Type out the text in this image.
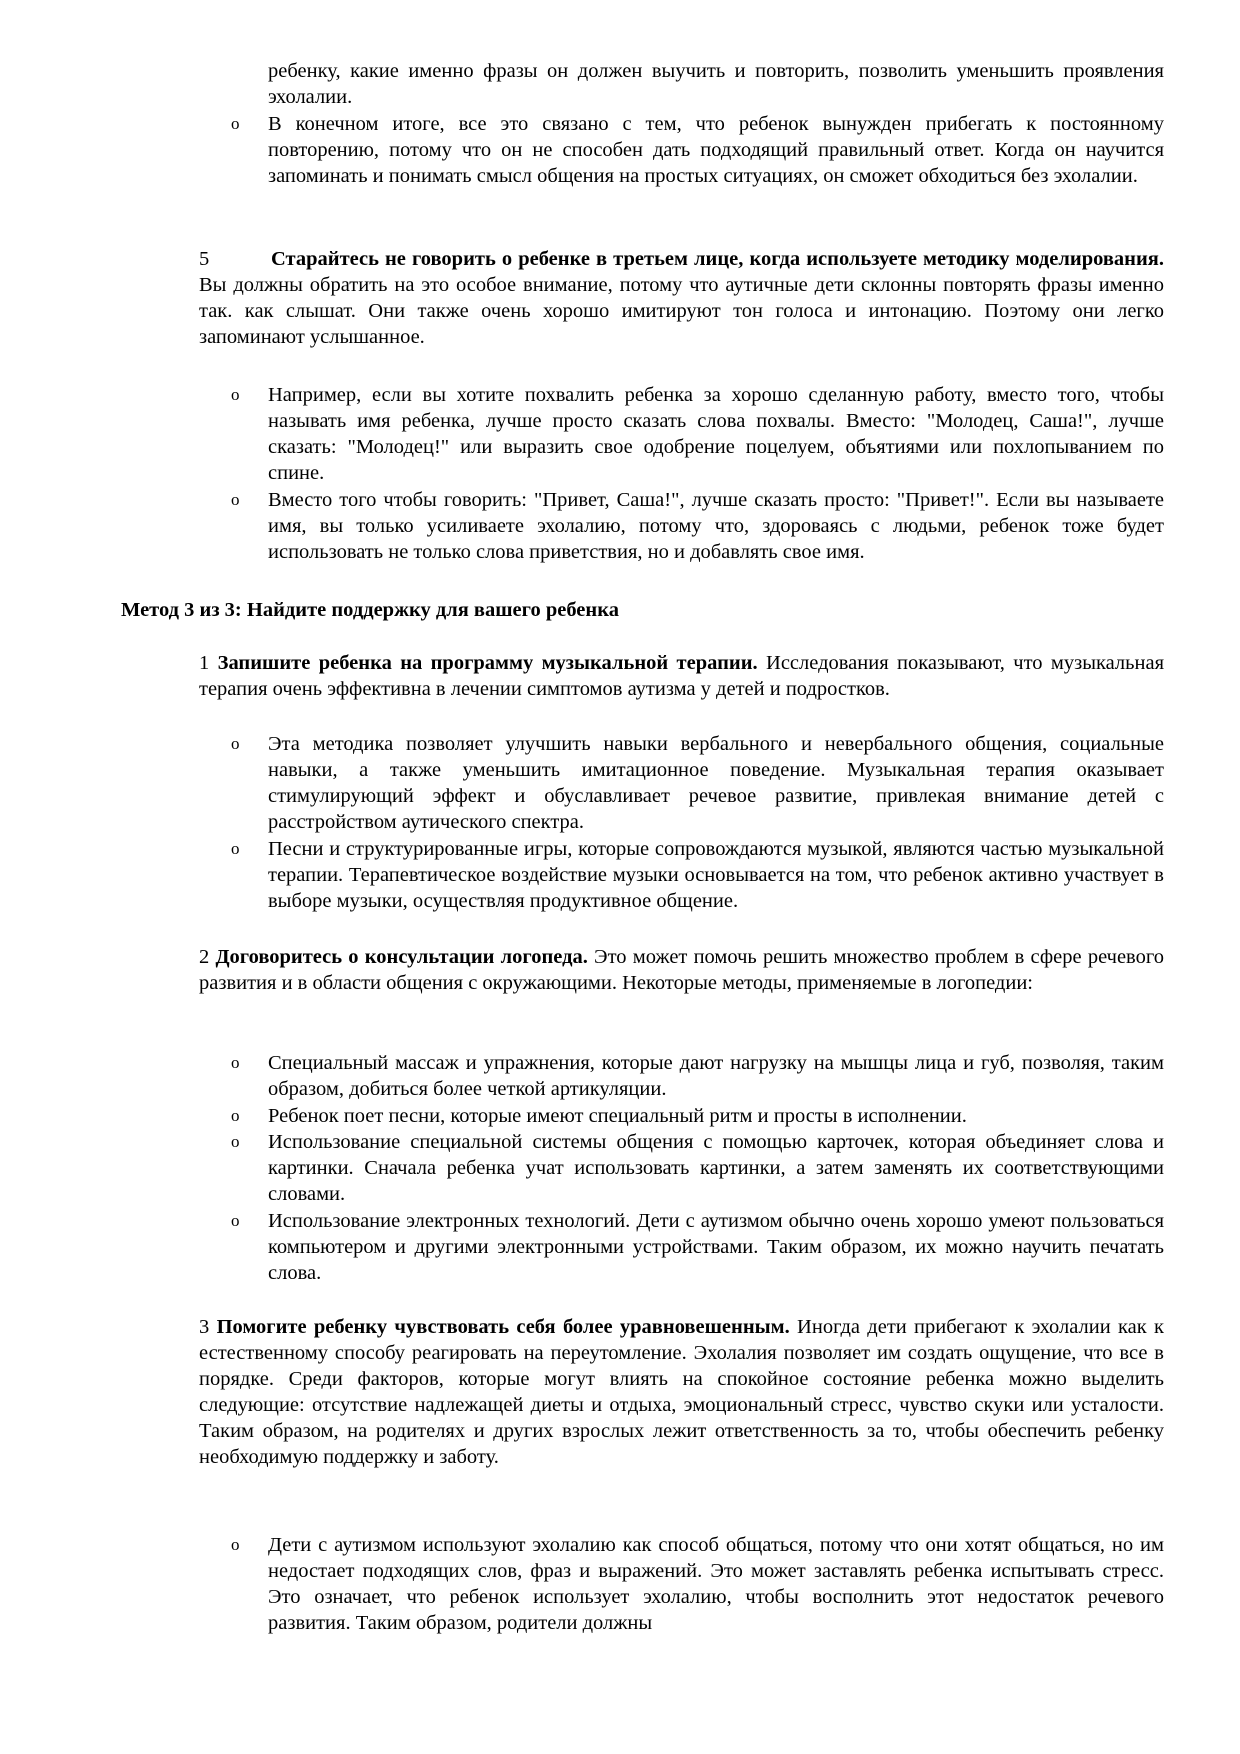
ребенку, какие именно фразы он должен выучить и повторить, позволить уменьшить проявления эхолалии.

o В конечном итоге, все это связано с тем, что ребенок вынужден прибегать к постоянному повторению, потому что он не способен дать подходящий правильный ответ. Когда он научится запоминать и понимать смысл общения на простых ситуациях, он сможет обходиться без эхолалии.

5	Старайтесь не говорить о ребенке в третьем лице, когда используете методику моделирования. Вы должны обратить на это особое внимание, потому что аутичные дети склонны повторять фразы именно так. как слышат. Они также очень хорошо имитируют тон голоса и интонацию. Поэтому они легко запоминают услышанное.

o Например, если вы хотите похвалить ребенка за хорошо сделанную работу, вместо того, чтобы называть имя ребенка, лучше просто сказать слова похвалы. Вместо: "Молодец, Саша!", лучше сказать: "Молодец!" или выразить свое одобрение поцелуем, объятиями или похлопыванием по спине.

o Вместо того чтобы говорить: "Привет, Саша!", лучше сказать просто: "Привет!". Если вы называете имя, вы только усиливаете эхолалию, потому что, здороваясь с людьми, ребенок тоже будет использовать не только слова приветствия, но и добавлять свое имя.

Метод 3 из 3: Найдите поддержку для вашего ребенка

1 Запишите ребенка на программу музыкальной терапии. Исследования показывают, что музыкальная терапия очень эффективна в лечении симптомов аутизма у детей и подростков.

o Эта методика позволяет улучшить навыки вербального и невербального общения, социальные навыки, а также уменьшить имитационное поведение. Музыкальная терапия оказывает стимулирующий эффект и обуславливает речевое развитие, привлекая внимание детей с расстройством аутического спектра.

o Песни и структурированные игры, которые сопровождаются музыкой, являются частью музыкальной терапии. Терапевтическое воздействие музыки основывается на том, что ребенок активно участвует в выборе музыки, осуществляя продуктивное общение.

2 Договоритесь о консультации логопеда. Это может помочь решить множество проблем в сфере речевого развития и в области общения с окружающими. Некоторые методы, применяемые в логопедии:

o Специальный массаж и упражнения, которые дают нагрузку на мышцы лица и губ, позволяя, таким образом, добиться более четкой артикуляции.

o Ребенок поет песни, которые имеют специальный ритм и просты в исполнении.

o Использование специальной системы общения с помощью карточек, которая объединяет слова и картинки. Сначала ребенка учат использовать картинки, а затем заменять их соответствующими словами.

o Использование электронных технологий. Дети с аутизмом обычно очень хорошо умеют пользоваться компьютером и другими электронными устройствами. Таким образом, их можно научить печатать слова.

3 Помогите ребенку чувствовать себя более уравновешенным. Иногда дети прибегают к эхолалии как к естественному способу реагировать на переутомление. Эхолалия позволяет им создать ощущение, что все в порядке. Среди факторов, которые могут влиять на спокойное состояние ребенка можно выделить следующие: отсутствие надлежащей диеты и отдыха, эмоциональный стресс, чувство скуки или усталости. Таким образом, на родителях и других взрослых лежит ответственность за то, чтобы обеспечить ребенку необходимую поддержку и заботу.

o Дети с аутизмом используют эхолалию как способ общаться, потому что они хотят общаться, но им недостает подходящих слов, фраз и выражений. Это может заставлять ребенка испытывать стресс. Это означает, что ребенок использует эхолалию, чтобы восполнить этот недостаток речевого развития. Таким образом, родители должны
